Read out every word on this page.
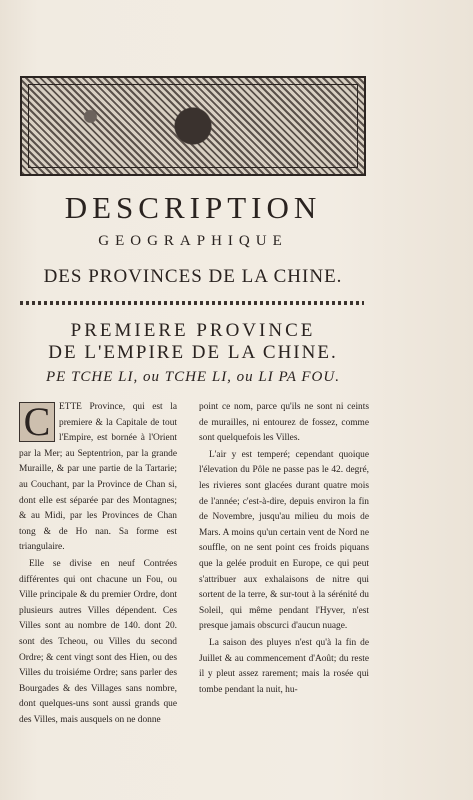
DESCRIPTION
GEOGRAPHIQUE
DES PROVINCES DE LA CHINE.
PREMIERE PROVINCE
DE L'EMPIRE DE LA CHINE.
PE TCHE LI, ou TCHE LI, ou LI PA FOU.
C ETTE Province, qui est la premiere & la Capitale de tout l'Empire, est bornée à l'Orient par la Mer; au Septentrion, par la grande Muraille, & par une partie de la Tartarie; au Couchant, par la Province de Chan si, dont elle est séparée par des Montagnes; & au Midi, par les Provinces de Chan tong & de Ho nan. Sa forme est triangulaire.

Elle se divise en neuf Contrées différentes qui ont chacune un Fou, ou Ville principale & du premier Ordre, dont plusieurs autres Villes dépendent. Ces Villes sont au nombre de 140. dont 20. sont des Tcheou, ou Villes du second Ordre; & cent vingt sont des Hien, ou des Villes du troisiéme Ordre; sans parler des Bourgades & des Villages sans nombre, dont quelques-uns sont aussi grands que des Villes, mais ausquels on ne donne

point ce nom, parce qu'ils ne sont ni ceints de murailles, ni entourez de fossez, comme sont quelquefois les Villes.

L'air y est temperé; cependant quoique l'élevation du Pôle ne passe pas le 42. degré, les rivieres sont glacées durant quatre mois de l'année; c'est-à-dire, depuis environ la fin de Novembre, jusqu'au milieu du mois de Mars. A moins qu'un certain vent de Nord ne souffle, on ne sent point ces froids piquans que la gelée produit en Europe, ce qui peut s'attribuer aux exhalaisons de nitre qui sortent de la terre, & sur-tout à la sérénité du Soleil, qui même pendant l'Hyver, n'est presque jamais obscurci d'aucun nuage.

La saison des pluyes n'est qu'à la fin de Juillet & au commencement d'Août; du reste il y pleut assez rarement; mais la rosée qui tombe pendant la nuit, hu-
